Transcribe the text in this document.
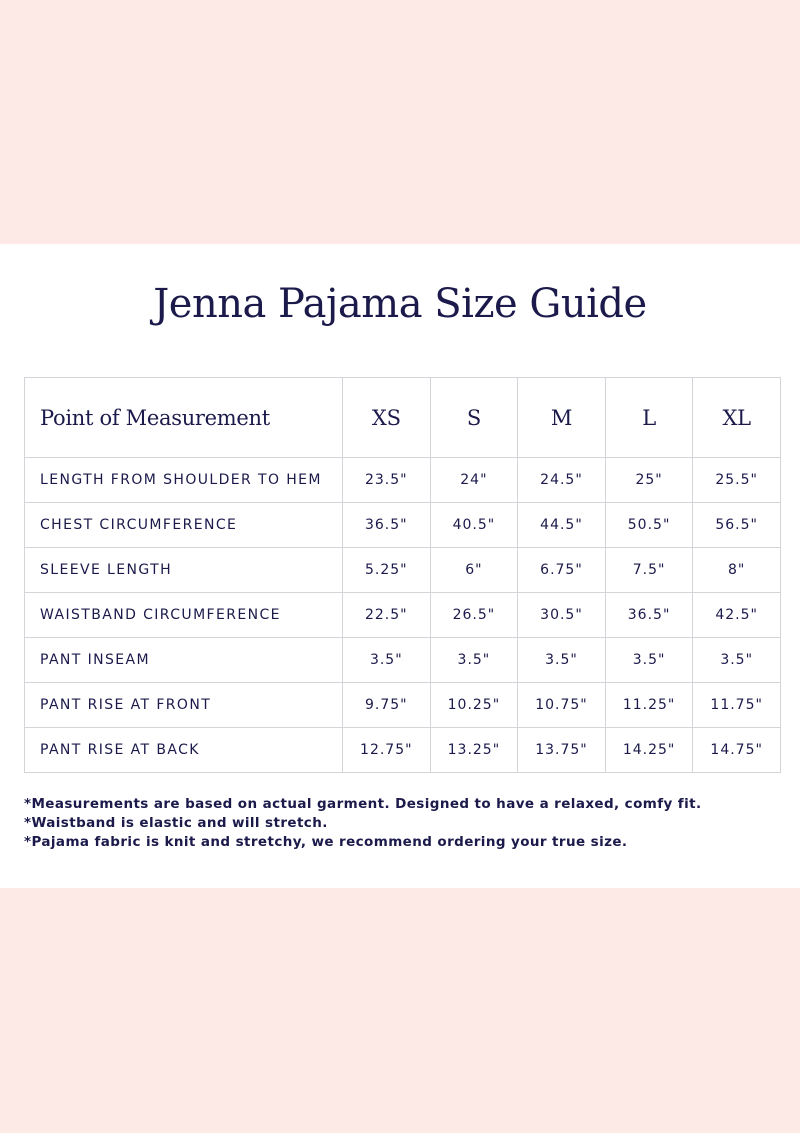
Jenna Pajama Size Guide
Point of Measurement	XS	S	M	L	XL
LENGTH FROM SHOULDER TO HEM	23.5"	24"	24.5"	25"	25.5"
CHEST CIRCUMFERENCE	36.5"	40.5"	44.5"	50.5"	56.5"
SLEEVE LENGTH	5.25"	6"	6.75"	7.5"	8"
WAISTBAND CIRCUMFERENCE	22.5"	26.5"	30.5"	36.5"	42.5"
PANT INSEAM	3.5"	3.5"	3.5"	3.5"	3.5"
PANT RISE AT FRONT	9.75"	10.25"	10.75"	11.25"	11.75"
PANT RISE AT BACK	12.75"	13.25"	13.75"	14.25"	14.75"

*Measurements are based on actual garment. Designed to have a relaxed, comfy fit.

*Waistband is elastic and will stretch.

*Pajama fabric is knit and stretchy, we recommend ordering your true size.
